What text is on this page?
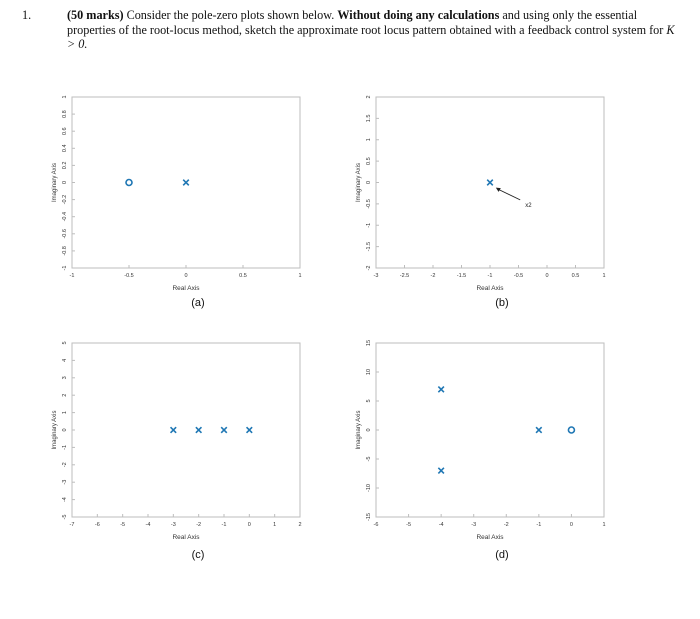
1.	(50 marks) Consider the pole-zero plots shown below. Without doing any calculations and using only the essential properties of the root-locus method, sketch the approximate root locus pattern obtained with a feedback control system for K > 0.
-1	-0.5	0	0.5	1
1
0.8
0.6
0.4
0.2
0
-0.2
-0.4
-0.6
-0.8
-1
Real Axis
Imaginary Axis
(a)
-3	-2.5	-2	-1.5	-1	-0.5	0	0.5	1
2
1.5
1
0.5
0
-0.5
-1
-1.5
-2
Real Axis
Imaginary Axis
x2
(b)
-7	-6	-5	-4	-3	-2	-1	0	1	2
5
4
3
2
1
0
-1
-2
-3
-4
-5
Real Axis
Imaginary Axis
(c)
-6	-5	-4	-3	-2	-1	0	1
15
10
5
0
-5
-10
-15
Real Axis
Imaginary Axis
(d)
